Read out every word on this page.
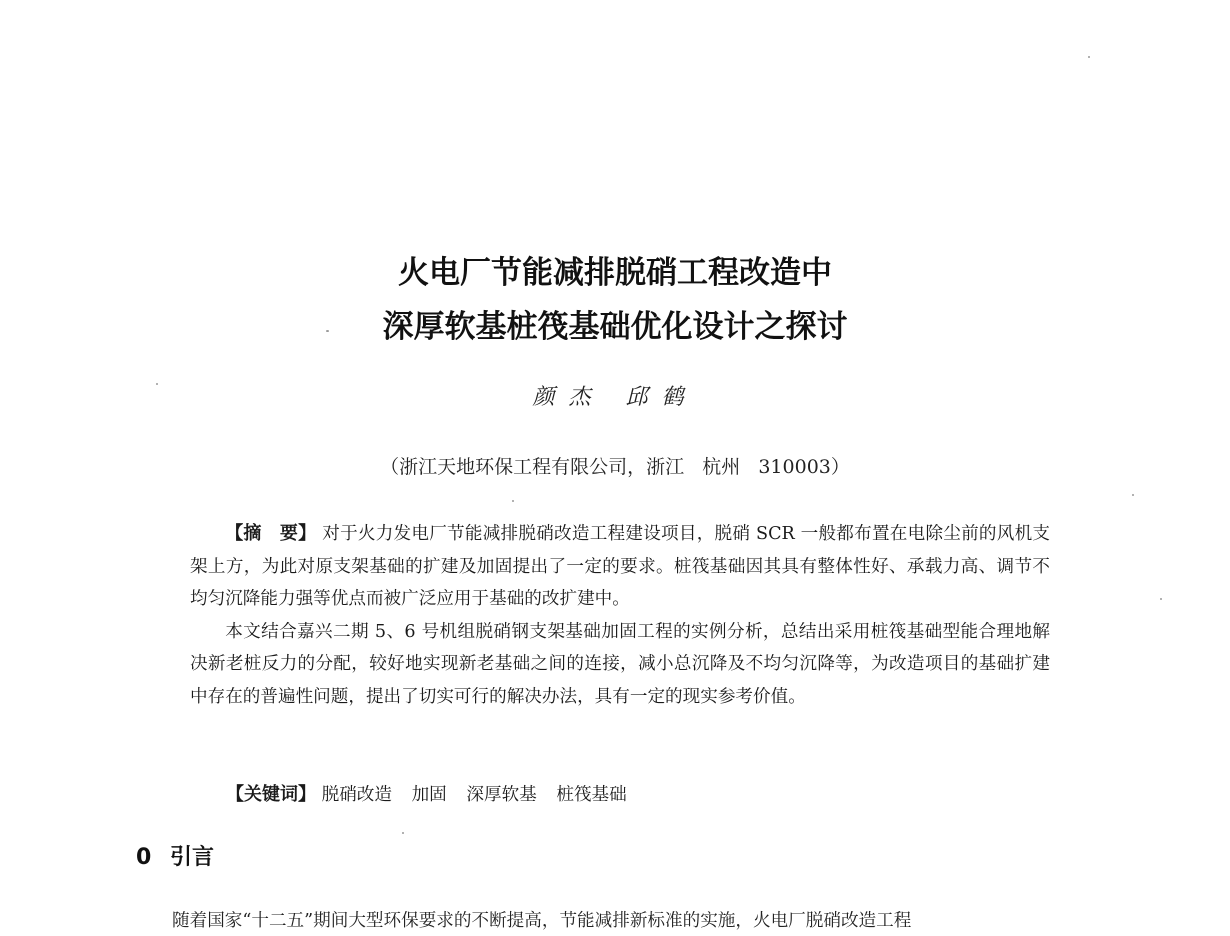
火电厂节能减排脱硝工程改造中
深厚软基桩筏基础优化设计之探讨
颜杰 邱鹤
（浙江天地环保工程有限公司，浙江   杭州   310003）

【摘　要】 对于火力发电厂节能减排脱硝改造工程建设项目，脱硝 SCR 一般都布置在电除尘前的风机支架上方，为此对原支架基础的扩建及加固提出了一定的要求。桩筏基础因其具有整体性好、承载力高、调节不均匀沉降能力强等优点而被广泛应用于基础的改扩建中。

本文结合嘉兴二期 5、6 号机组脱硝钢支架基础加固工程的实例分析，总结出采用桩筏基础型能合理地解决新老桩反力的分配，较好地实现新老基础之间的连接，减小总沉降及不均匀沉降等，为改造项目的基础扩建中存在的普遍性问题，提出了切实可行的解决办法，具有一定的现实参考价值。

【关键词】 脱硝改造 加固 深厚软基 桩筏基础
0 引言
随着国家“十二五”期间大型环保要求的不断提高，节能减排新标准的实施，火电厂脱硝改造工程
